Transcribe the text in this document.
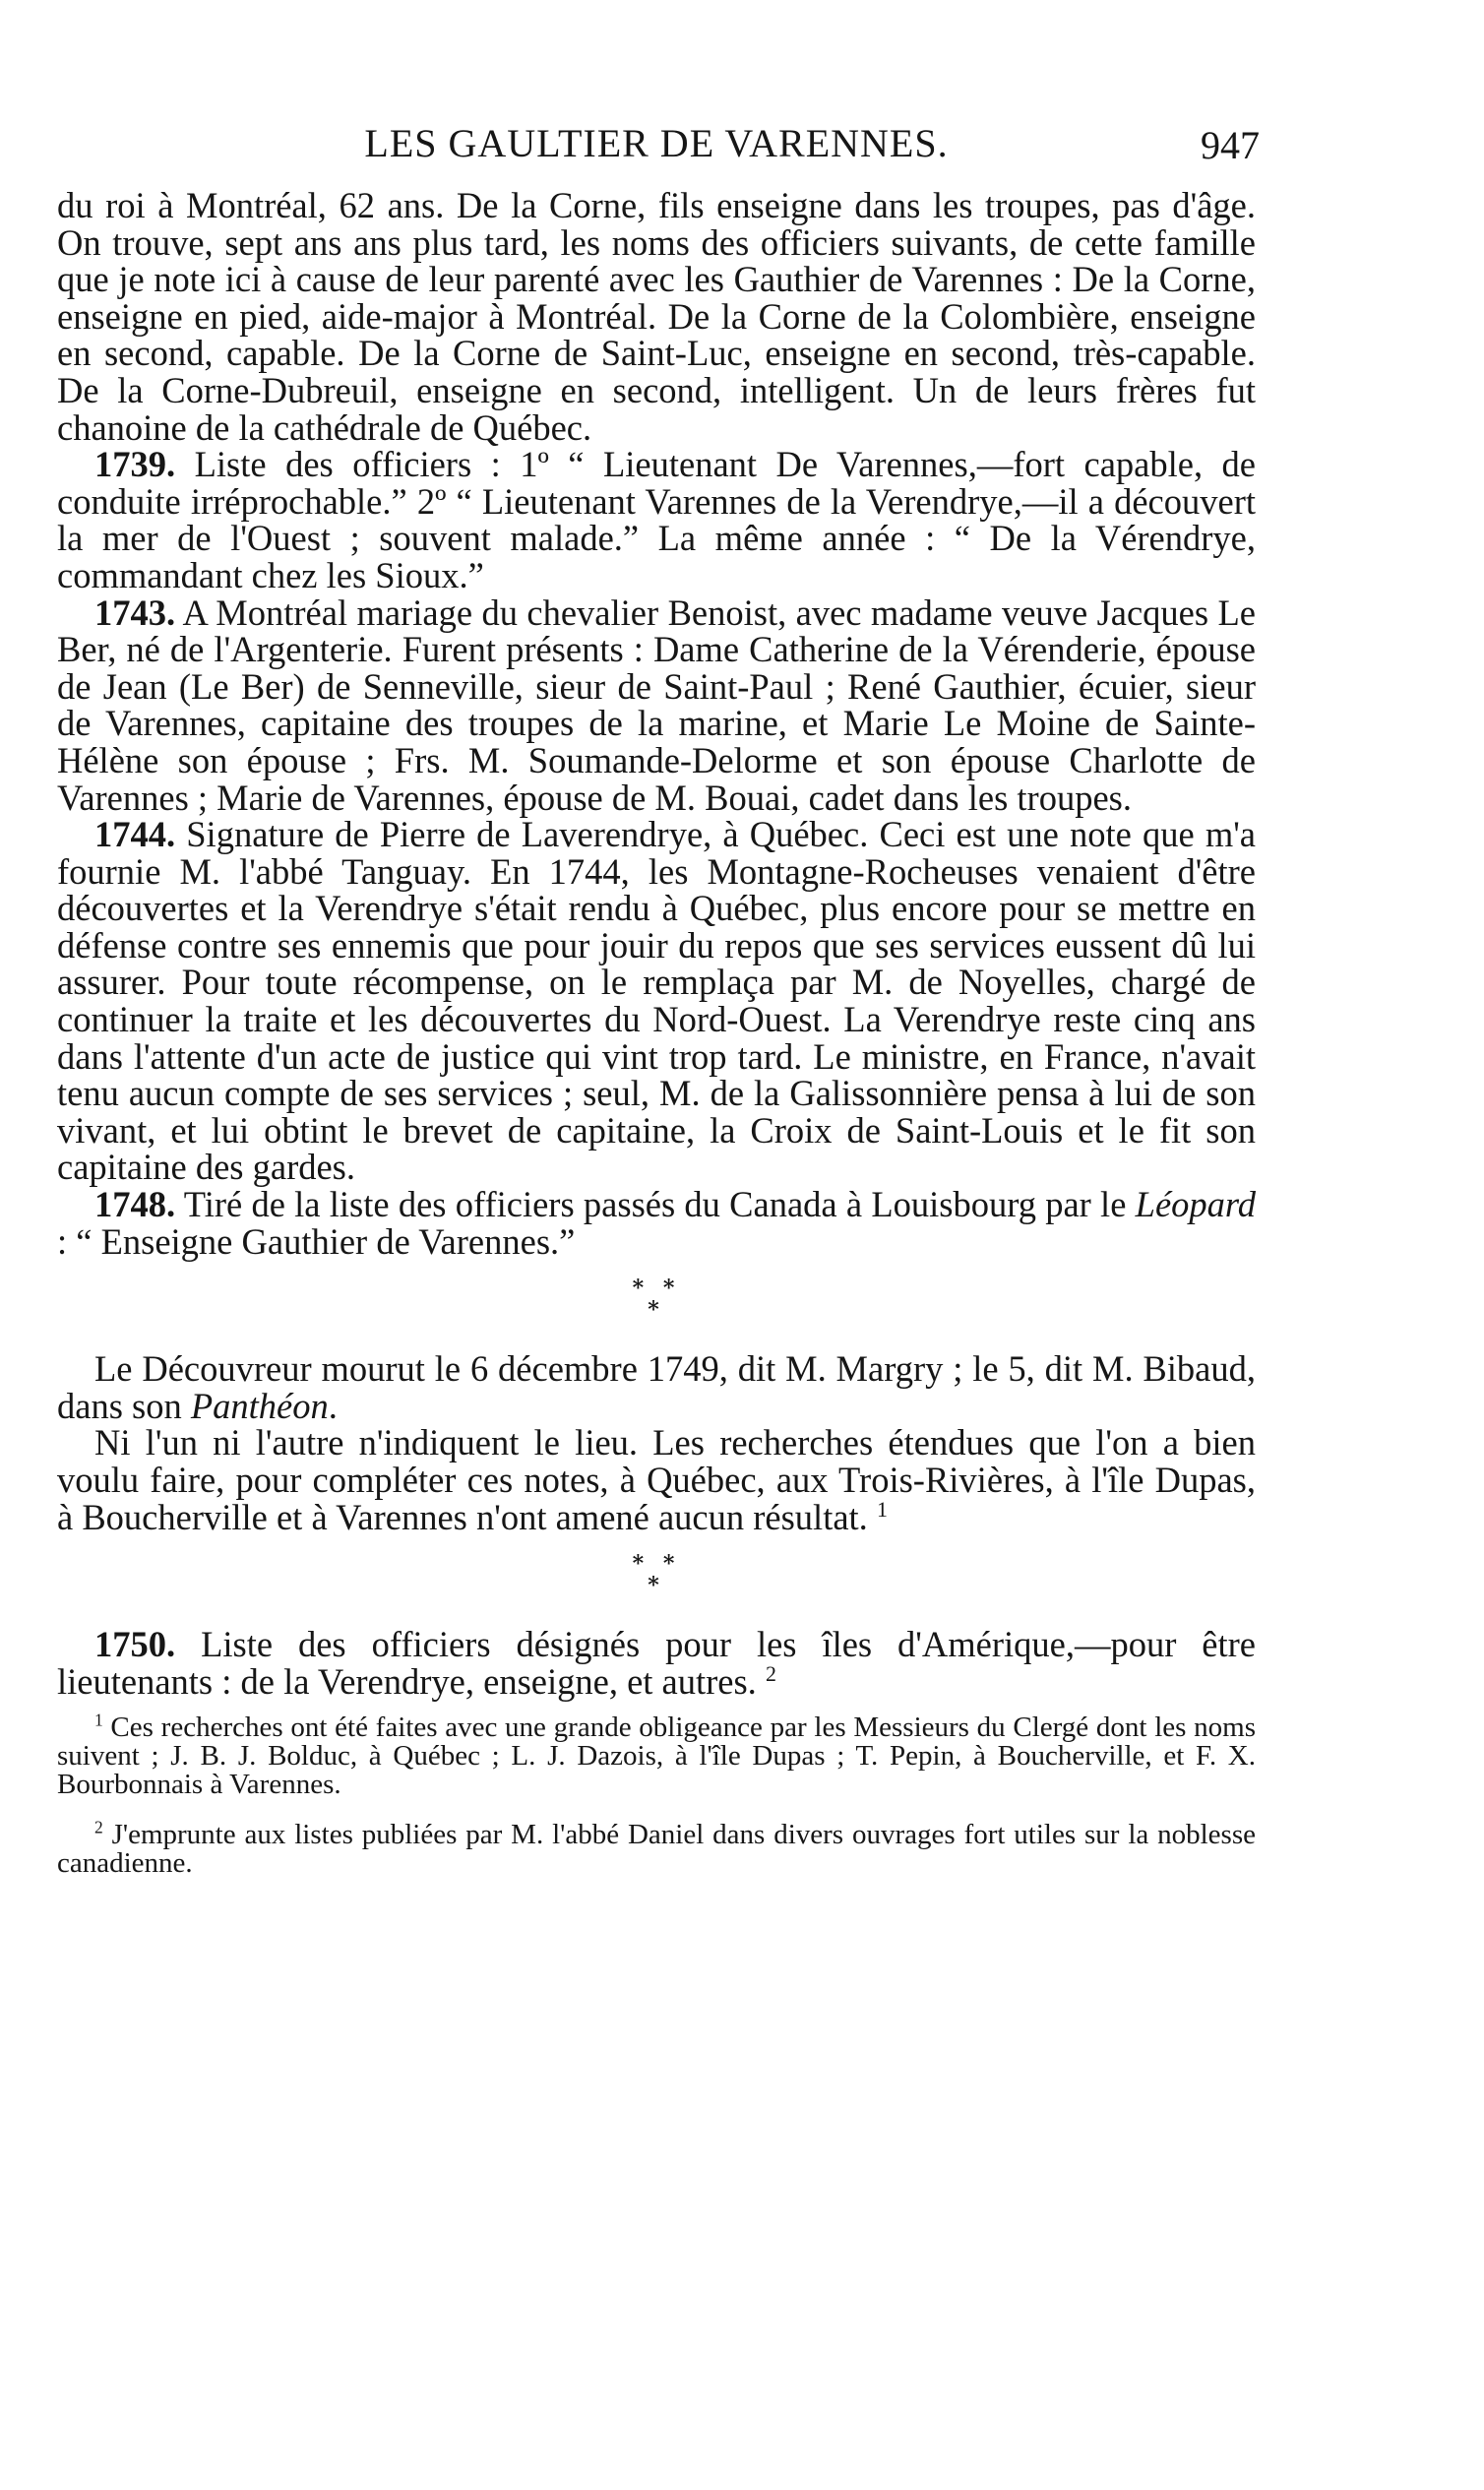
LES GAULTIER DE VARENNES.	947

du roi à Montréal, 62 ans. De la Corne, fils enseigne dans les troupes, pas d'âge. On trouve, sept ans ans plus tard, les noms des officiers suivants, de cette famille que je note ici à cause de leur parenté avec les Gauthier de Varennes : De la Corne, enseigne en pied, aide-major à Montréal. De la Corne de la Colombière, enseigne en second, capable. De la Corne de Saint-Luc, enseigne en second, très-capable. De la Corne-Dubreuil, enseigne en second, intelligent. Un de leurs frères fut chanoine de la cathédrale de Québec.

1739. Liste des officiers : 1º “ Lieutenant De Varennes,—fort capable, de conduite irréprochable.” 2º “ Lieutenant Varennes de la Verendrye,—il a découvert la mer de l'Ouest ; souvent malade.” La même année : “ De la Vérendrye, commandant chez les Sioux.”

1743. A Montréal mariage du chevalier Benoist, avec madame veuve Jacques Le Ber, né de l'Argenterie. Furent présents : Dame Catherine de la Vérenderie, épouse de Jean (Le Ber) de Senneville, sieur de Saint-Paul ; René Gauthier, écuier, sieur de Varennes, capitaine des troupes de la marine, et Marie Le Moine de Sainte-Hélène son épouse ; Frs. M. Soumande-Delorme et son épouse Charlotte de Varennes ; Marie de Varennes, épouse de M. Bouai, cadet dans les troupes.

1744. Signature de Pierre de Laverendrye, à Québec. Ceci est une note que m'a fournie M. l'abbé Tanguay. En 1744, les Montagne-Rocheuses venaient d'être découvertes et la Verendrye s'était rendu à Québec, plus encore pour se mettre en défense contre ses ennemis que pour jouir du repos que ses services eussent dû lui assurer. Pour toute récompense, on le remplaça par M. de Noyelles, chargé de continuer la traite et les découvertes du Nord-Ouest. La Verendrye reste cinq ans dans l'attente d'un acte de justice qui vint trop tard. Le ministre, en France, n'avait tenu aucun compte de ses services ; seul, M. de la Galissonnière pensa à lui de son vivant, et lui obtint le brevet de capitaine, la Croix de Saint-Louis et le fit son capitaine des gardes.

1748. Tiré de la liste des officiers passés du Canada à Louisbourg par le Léopard : “ Enseigne Gauthier de Varennes.”

* *
*

Le Découvreur mourut le 6 décembre 1749, dit M. Margry ; le 5, dit M. Bibaud, dans son Panthéon.

Ni l'un ni l'autre n'indiquent le lieu. Les recherches étendues que l'on a bien voulu faire, pour compléter ces notes, à Québec, aux Trois-Rivières, à l'île Dupas, à Boucherville et à Varennes n'ont amené aucun résultat. $^1$

* *
*

1750. Liste des officiers désignés pour les îles d'Amérique,—pour être lieutenants : de la Verendrye, enseigne, et autres. $^2$

$^1$ Ces recherches ont été faites avec une grande obligeance par les Messieurs du Clergé dont les noms suivent ; J. B. J. Bolduc, à Québec ; L. J. Dazois, à l'île Dupas ; T. Pepin, à Boucherville, et F. X. Bourbonnais à Varennes.

$^2$ J'emprunte aux listes publiées par M. l'abbé Daniel dans divers ouvrages fort utiles sur la noblesse canadienne.
